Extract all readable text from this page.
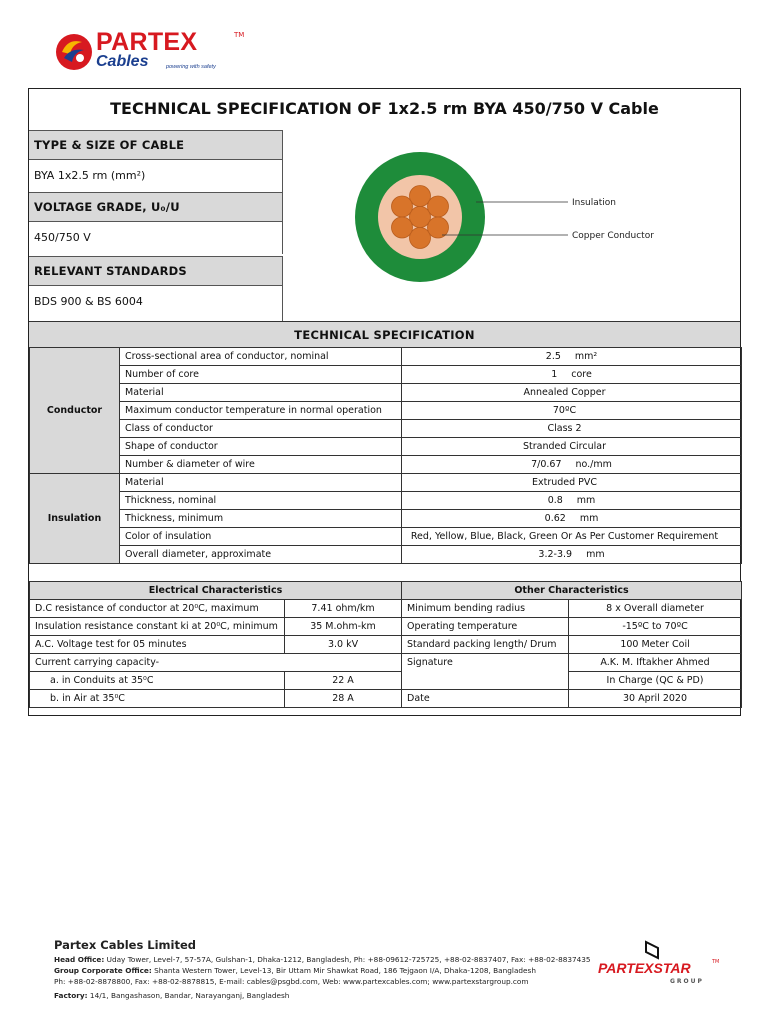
PARTEX	TM
Cables	powering with safety
TECHNICAL SPECIFICATION OF 1x2.5 rm BYA 450/750 V Cable
TYPE & SIZE OF CABLE
BYA 1x2.5 rm (mm²)
VOLTAGE GRADE, U₀/U
450/750 V
RELEVANT STANDARDS
BDS 900 & BS 6004
Insulation
Copper Conductor
TECHNICAL SPECIFICATION
Conductor	Cross-sectional area of conductor, nominal	2.5 mm²
	Number of core	1 core
	Material	Annealed Copper
	Maximum conductor temperature in normal operation	70ºC
	Class of conductor	Class 2
	Shape of conductor	Stranded Circular
	Number & diameter of wire	7/0.67 no./mm
Insulation	Material	Extruded PVC
	Thickness, nominal	0.8 mm
	Thickness, minimum	0.62 mm
	Color of insulation	Red, Yellow, Blue, Black, Green Or As Per Customer Requirement
	Overall diameter, approximate	3.2-3.9 mm
Electrical Characteristics		Other Characteristics	
D.C resistance of conductor at 20⁰C, maximum	7.41 ohm/km	Minimum bending radius	8 x Overall diameter
Insulation resistance constant ki at 20⁰C, minimum	35 M.ohm-km	Operating temperature	-15ºC to 70ºC
A.C. Voltage test for 05 minutes	3.0 kV	Standard packing length/ Drum	100 Meter Coil
Current carrying capacity-		Signature	A.K. M. Iftakher Ahmed
a. in Conduits at 35⁰C	22 A		In Charge (QC & PD)
b. in Air at 35⁰C	28 A	Date	30 April 2020
Partex Cables Limited
Head Office: Uday Tower, Level-7, 57-57A, Gulshan-1, Dhaka-1212, Bangladesh, Ph: +88-09612-725725, +88-02-8837407, Fax: +88-02-8837435
Group Corporate Office: Shanta Western Tower, Level-13, Bir Uttam Mir Shawkat Road, 186 Tejgaon I/A, Dhaka-1208, Bangladesh
Ph: +88-02-8878800, Fax: +88-02-8878815, E-mail: cables@psgbd.com, Web: www.partexcables.com; www.partexstargroup.com
Factory: 14/1, Bangashason, Bandar, Narayanganj, Bangladesh
PARTEXSTAR	TM
GROUP
